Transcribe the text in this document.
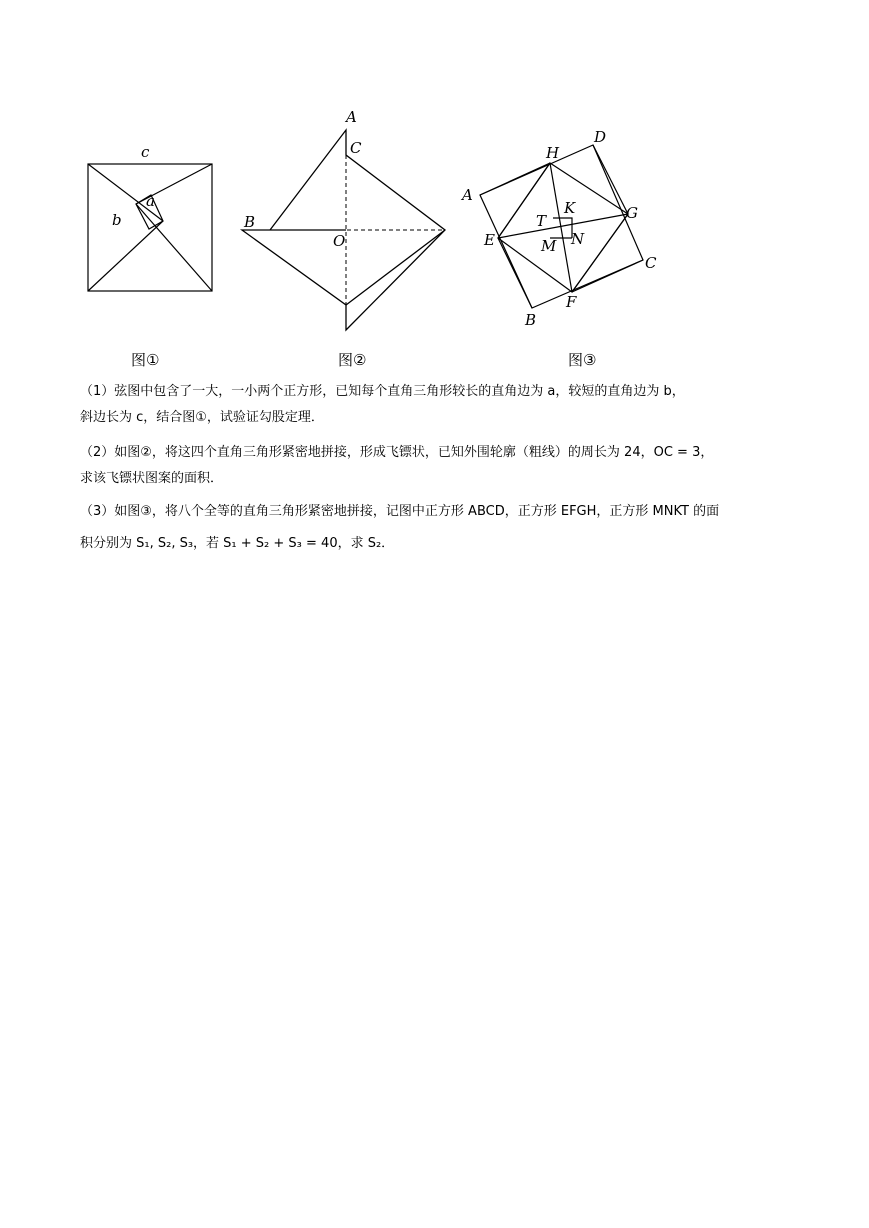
c
a
b
图①
A
C
B
O
图②
H
D
A
K	G
T
E	M N
C
F
B
图③
（1）弦图中包含了一大，一小两个正方形，已知每个直角三角形较长的直角边为 a，较短的直角边为 b，
斜边长为 c，结合图①，试验证勾股定理．
（2）如图②，将这四个直角三角形紧密地拼接，形成飞镖状，已知外围轮廓（粗线）的周长为 24，OC = 3，
求该飞镖状图案的面积．
（3）如图③，将八个全等的直角三角形紧密地拼接，记图中正方形 ABCD，正方形 EFGH，正方形 MNKT 的面
积分别为 S₁, S₂, S₃，若 S₁ + S₂ + S₃ = 40，求 S₂．
